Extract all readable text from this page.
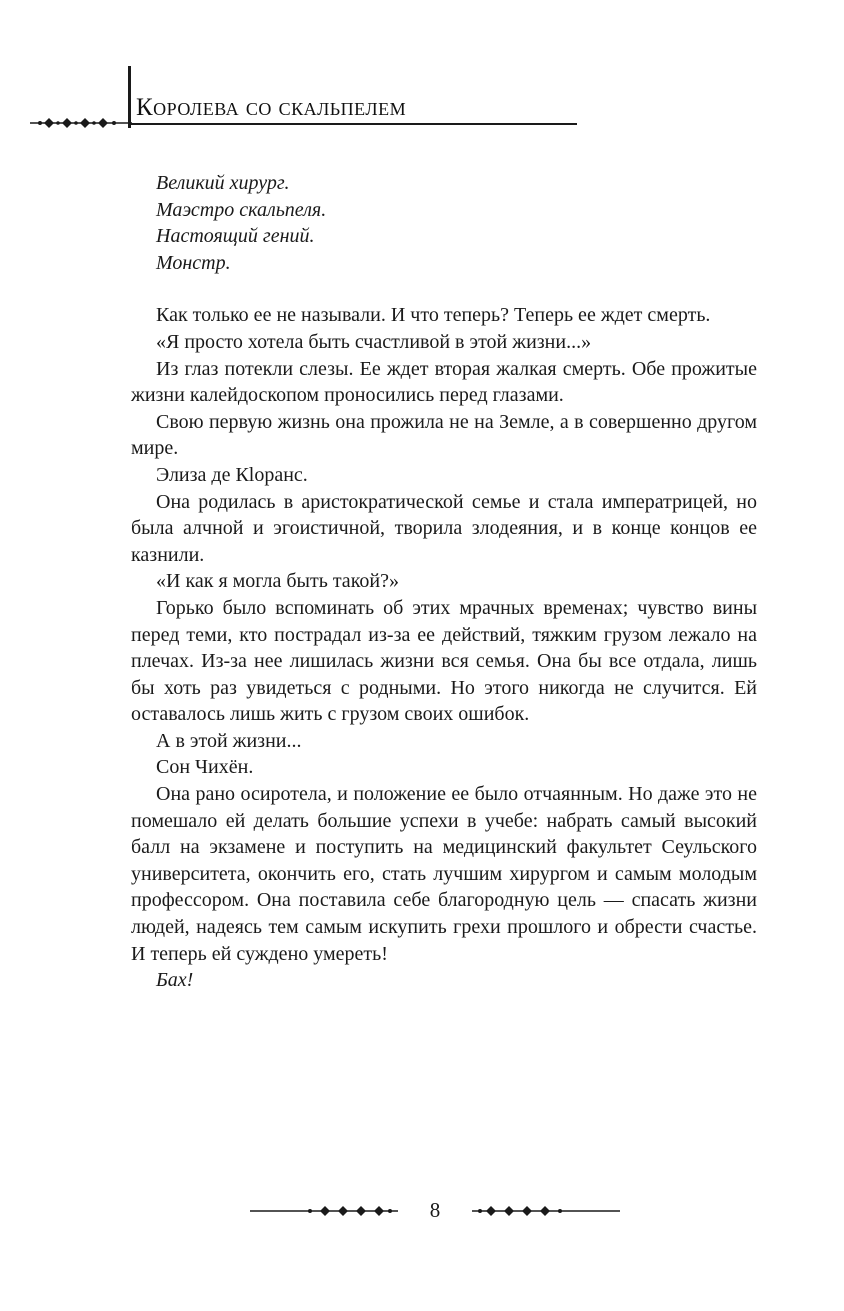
Королева со скальпелем
Великий хирург.
Маэстро скальпеля.
Настоящий гений.
Монстр.

Как только ее не называли. И что теперь? Теперь ее ждет смерть.

«Я просто хотела быть счастливой в этой жизни...»

Из глаз потекли слезы. Ее ждет вторая жалкая смерть. Обе прожитые жизни калейдоскопом проносились перед глазами.

Свою первую жизнь она прожила не на Земле, а в совершенно другом мире.

Элиза де Кloранс.

Она родилась в аристократической семье и стала императрицей, но была алчной и эгоистичной, творила злодеяния, и в конце концов ее казнили.

«И как я могла быть такой?»

Горько было вспоминать об этих мрачных временах; чувство вины перед теми, кто пострадал из-за ее действий, тяжким грузом лежало на плечах. Из-за нее лишилась жизни вся семья. Она бы все отдала, лишь бы хоть раз увидеться с родными. Но этого никогда не случится. Ей оставалось лишь жить с грузом своих ошибок.

А в этой жизни...

Сон Чихён.

Она рано осиротела, и положение ее было отчаянным. Но даже это не помешало ей делать большие успехи в учебе: набрать самый высокий балл на экзамене и поступить на медицинский факультет Сеульского университета, окончить его, стать лучшим хирургом и самым молодым профессором. Она поставила себе благородную цель — спасать жизни людей, надеясь тем самым искупить грехи прошлого и обрести счастье. И теперь ей суждено умереть!

Бах!

8
